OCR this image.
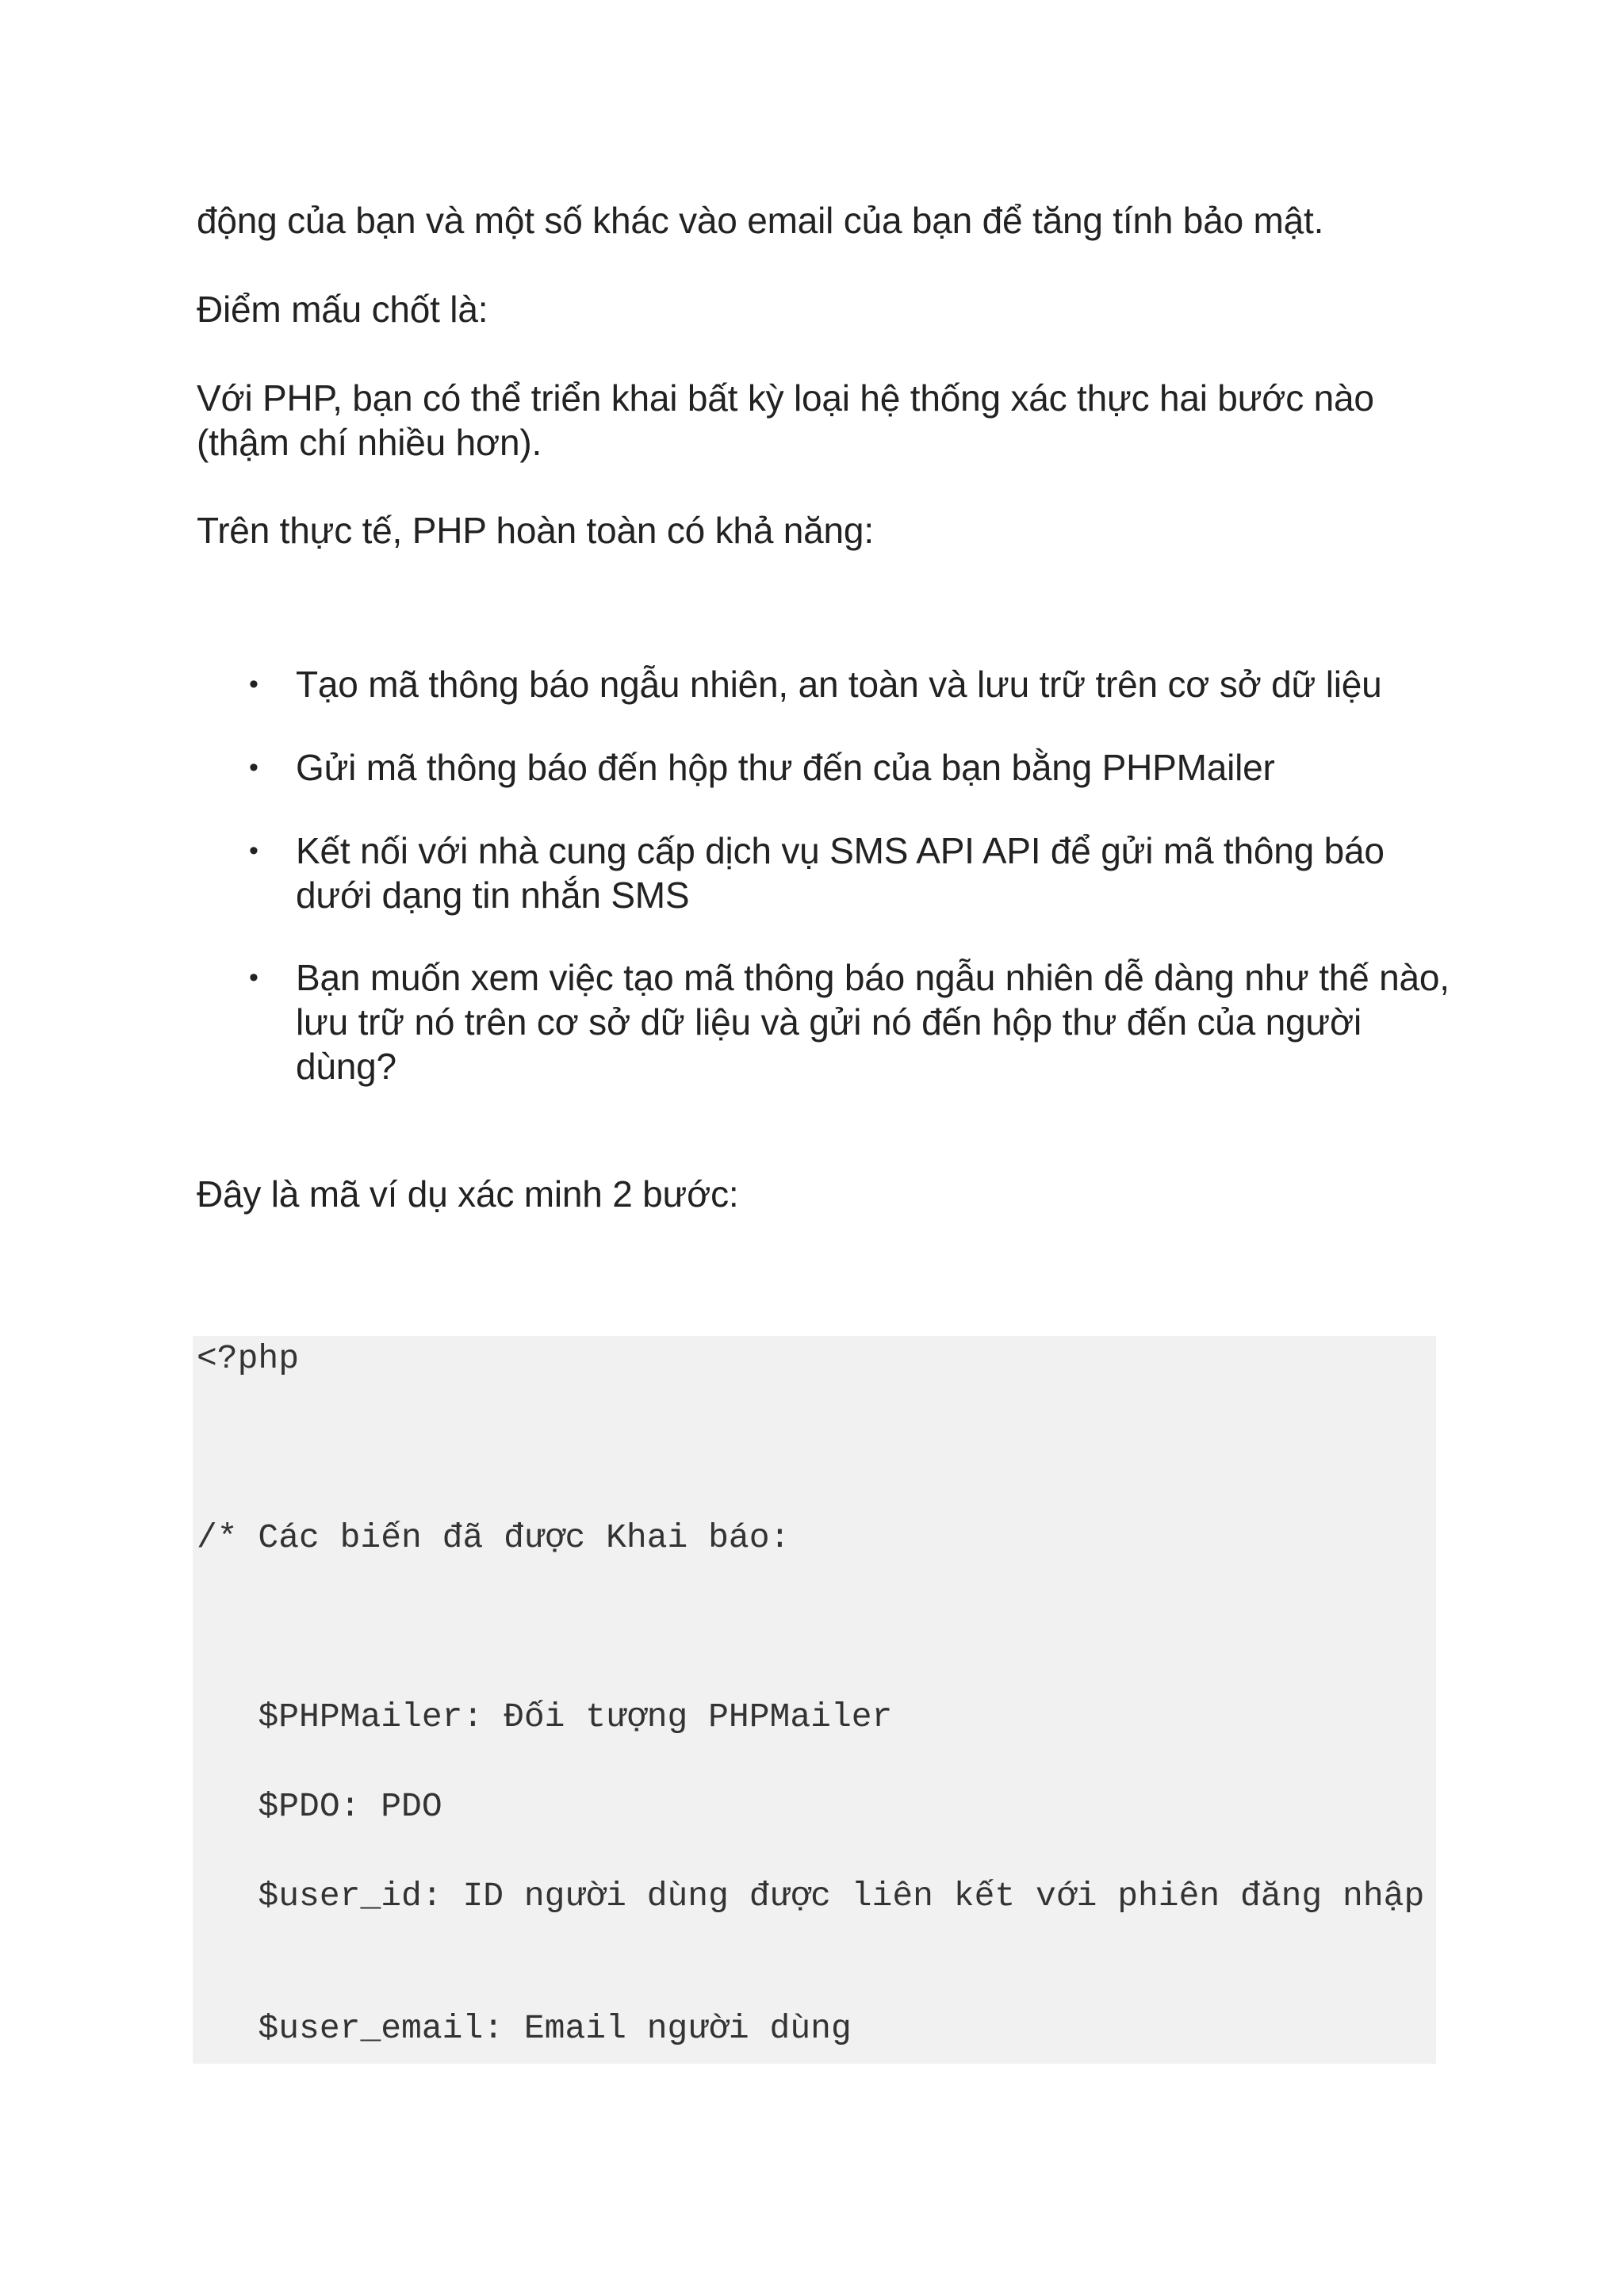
động của bạn và một số khác vào email của bạn để tăng tính bảo mật.

Điểm mấu chốt là:

Với PHP, bạn có thể triển khai bất kỳ loại hệ thống xác thực hai bước nào (thậm chí nhiều hơn).

Trên thực tế, PHP hoàn toàn có khả năng:

• Tạo mã thông báo ngẫu nhiên, an toàn và lưu trữ trên cơ sở dữ liệu
• Gửi mã thông báo đến hộp thư đến của bạn bằng PHPMailer
• Kết nối với nhà cung cấp dịch vụ SMS API API để gửi mã thông báo dưới dạng tin nhắn SMS
• Bạn muốn xem việc tạo mã thông báo ngẫu nhiên dễ dàng như thế nào, lưu trữ nó trên cơ sở dữ liệu và gửi nó đến hộp thư đến của người dùng?

Đây là mã ví dụ xác minh 2 bước:

<?php
/* Các biến đã được Khai báo:
$PHPMailer: Đối tượng PHPMailer
$PDO: PDO
$user_id: ID người dùng được liên kết với phiên đăng nhập
$user_email: Email người dùng
